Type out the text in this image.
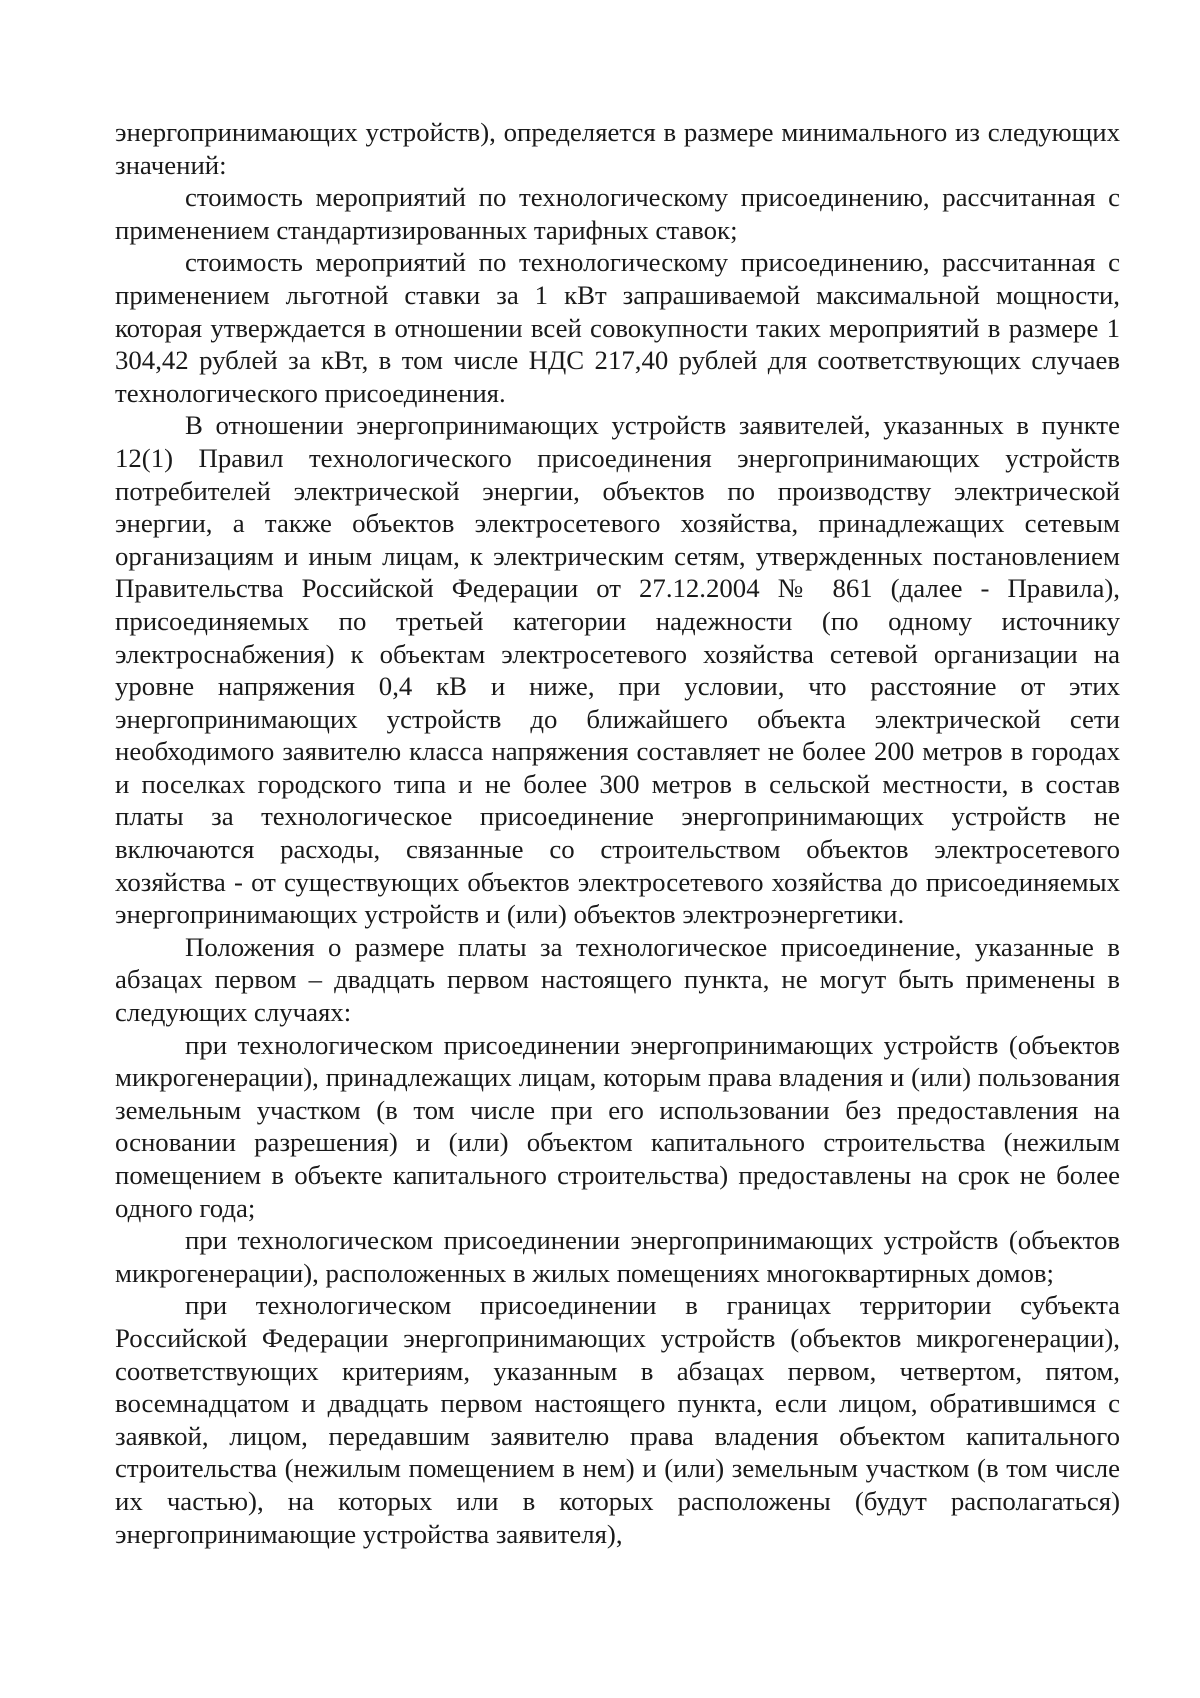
энергопринимающих устройств), определяется в размере минимального из следующих значений:

стоимость мероприятий по технологическому присоединению, рассчитанная с применением стандартизированных тарифных ставок;

стоимость мероприятий по технологическому присоединению, рассчитанная с применением льготной ставки за 1 кВт запрашиваемой максимальной мощности, которая утверждается в отношении всей совокупности таких мероприятий в размере 1 304,42 рублей за кВт, в том числе НДС 217,40 рублей для соответствующих случаев технологического присоединения.

В отношении энергопринимающих устройств заявителей, указанных в пункте 12(1) Правил технологического присоединения энергопринимающих устройств потребителей электрической энергии, объектов по производству электрической энергии, а также объектов электросетевого хозяйства, принадлежащих сетевым организациям и иным лицам, к электрическим сетям, утвержденных постановлением Правительства Российской Федерации от 27.12.2004 № 861 (далее - Правила), присоединяемых по третьей категории надежности (по одному источнику электроснабжения) к объектам электросетевого хозяйства сетевой организации на уровне напряжения 0,4 кВ и ниже, при условии, что расстояние от этих энергопринимающих устройств до ближайшего объекта электрической сети необходимого заявителю класса напряжения составляет не более 200 метров в городах и поселках городского типа и не более 300 метров в сельской местности, в состав платы за технологическое присоединение энергопринимающих устройств не включаются расходы, связанные со строительством объектов электросетевого хозяйства - от существующих объектов электросетевого хозяйства до присоединяемых энергопринимающих устройств и (или) объектов электроэнергетики.

Положения о размере платы за технологическое присоединение, указанные в абзацах первом – двадцать первом настоящего пункта, не могут быть применены в следующих случаях:

при технологическом присоединении энергопринимающих устройств (объектов микрогенерации), принадлежащих лицам, которым права владения и (или) пользования земельным участком (в том числе при его использовании без предоставления на основании разрешения) и (или) объектом капитального строительства (нежилым помещением в объекте капитального строительства) предоставлены на срок не более одного года;

при технологическом присоединении энергопринимающих устройств (объектов микрогенерации), расположенных в жилых помещениях многоквартирных домов;

при технологическом присоединении в границах территории субъекта Российской Федерации энергопринимающих устройств (объектов микрогенерации), соответствующих критериям, указанным в абзацах первом, четвертом, пятом, восемнадцатом и двадцать первом настоящего пункта, если лицом, обратившимся с заявкой, лицом, передавшим заявителю права владения объектом капитального строительства (нежилым помещением в нем) и (или) земельным участком (в том числе их частью), на которых или в которых расположены (будут располагаться) энергопринимающие устройства заявителя),
